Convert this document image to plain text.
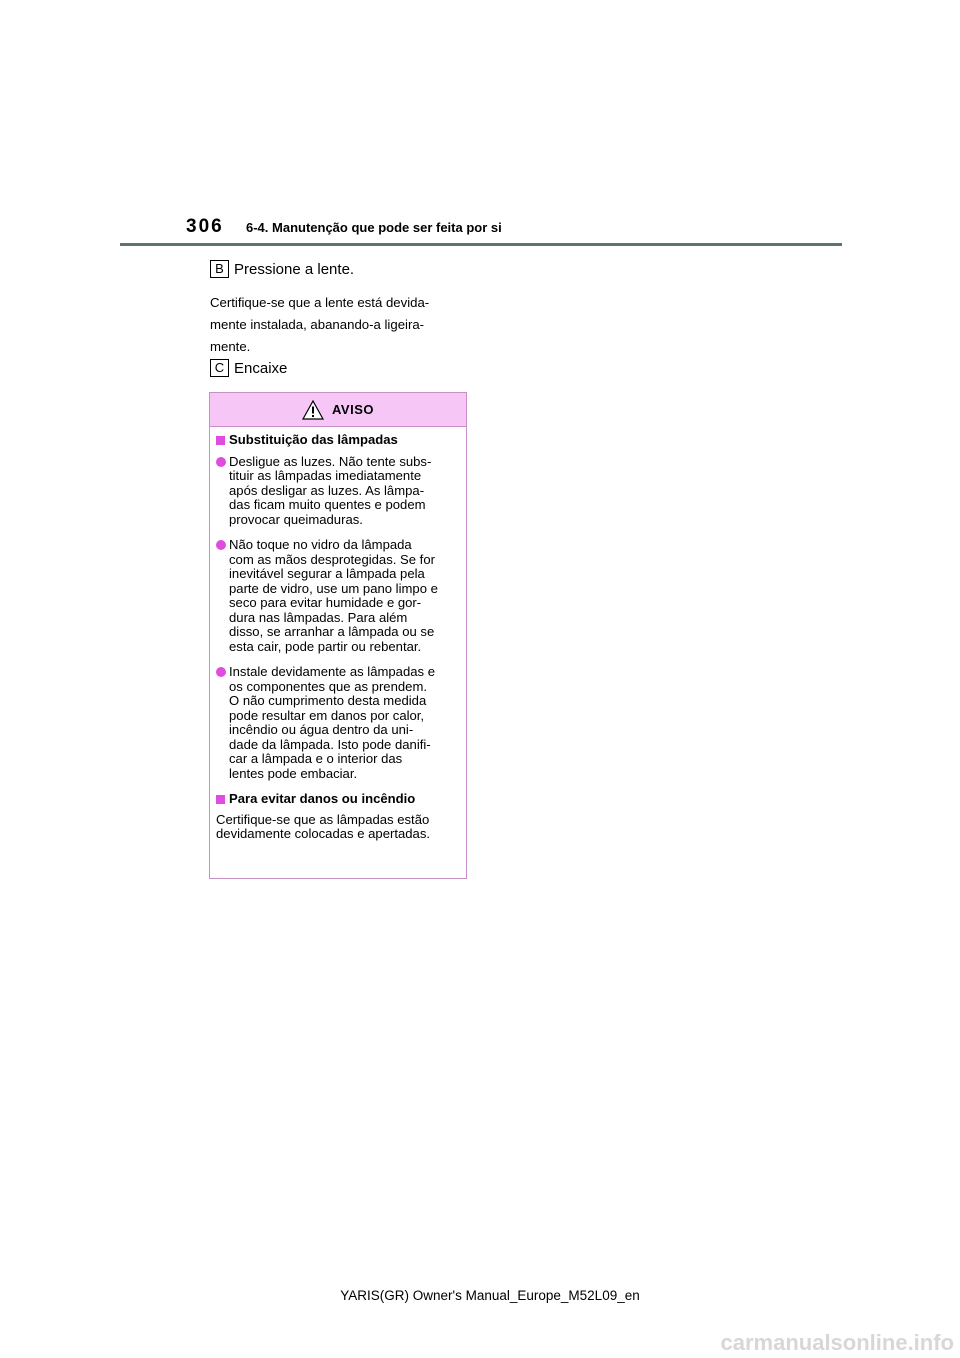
306 6-4. Manutenção que pode ser feita por si
B Pressione a lente.
Certifique-se que a lente está devida-
mente instalada, abanando-a ligeira-
mente.
C Encaixe
AVISO
Substituição das lâmpadas
Desligue as luzes. Não tente subs-
tituir as lâmpadas imediatamente
após desligar as luzes. As lâmpa-
das ficam muito quentes e podem
provocar queimaduras.
Não toque no vidro da lâmpada
com as mãos desprotegidas. Se for
inevitável segurar a lâmpada pela
parte de vidro, use um pano limpo e
seco para evitar humidade e gor-
dura nas lâmpadas. Para além
disso, se arranhar a lâmpada ou se
esta cair, pode partir ou rebentar.
Instale devidamente as lâmpadas e
os componentes que as prendem.
O não cumprimento desta medida
pode resultar em danos por calor,
incêndio ou água dentro da uni-
dade da lâmpada. Isto pode danifi-
car a lâmpada e o interior das
lentes pode embaciar.
Para evitar danos ou incêndio
Certifique-se que as lâmpadas estão
devidamente colocadas e apertadas.
YARIS(GR) Owner's Manual_Europe_M52L09_en
carmanualsonline.info
